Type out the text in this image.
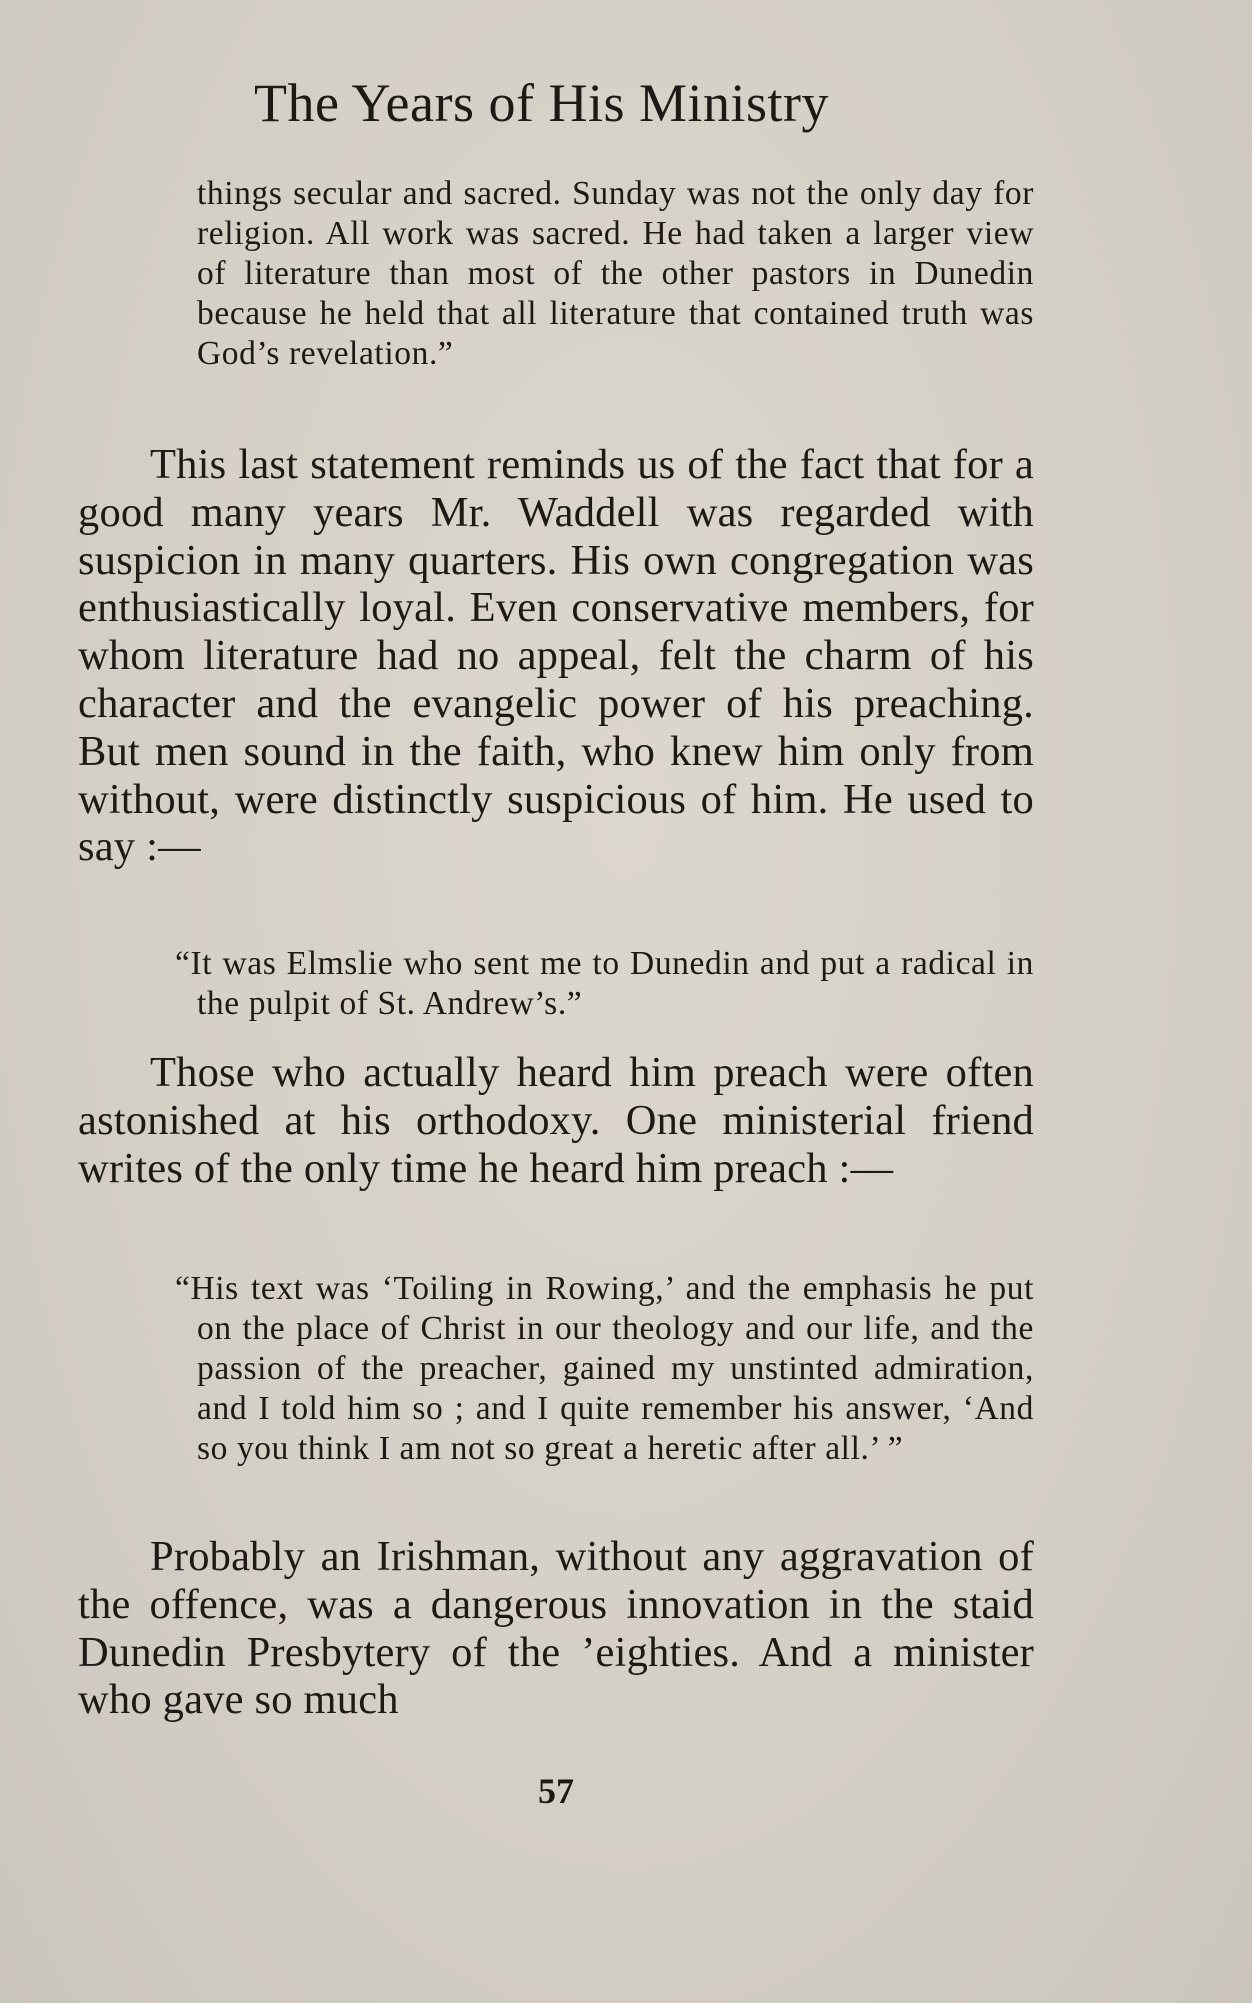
The Years of His Ministry

things secular and sacred. Sunday was not the only day for religion. All work was sacred. He had taken a larger view of literature than most of the other pastors in Dunedin because he held that all literature that contained truth was God’s revelation.”

This last statement reminds us of the fact that for a good many years Mr. Waddell was regarded with suspicion in many quarters. His own congregation was enthusiastically loyal. Even conservative members, for whom literature had no appeal, felt the charm of his character and the evangelic power of his preaching. But men sound in the faith, who knew him only from without, were distinctly suspicious of him. He used to say :—

“It was Elmslie who sent me to Dunedin and put a radical in the pulpit of St. Andrew’s.”

Those who actually heard him preach were often astonished at his orthodoxy. One ministerial friend writes of the only time he heard him preach :—

“His text was ‘Toiling in Rowing,’ and the emphasis he put on the place of Christ in our theology and our life, and the passion of the preacher, gained my unstinted admiration, and I told him so ; and I quite remember his answer, ‘And so you think I am not so great a heretic after all.’ ”

Probably an Irishman, without any aggravation of the offence, was a dangerous innovation in the staid Dunedin Presbytery of the ’eighties. And a minister who gave so much

57
